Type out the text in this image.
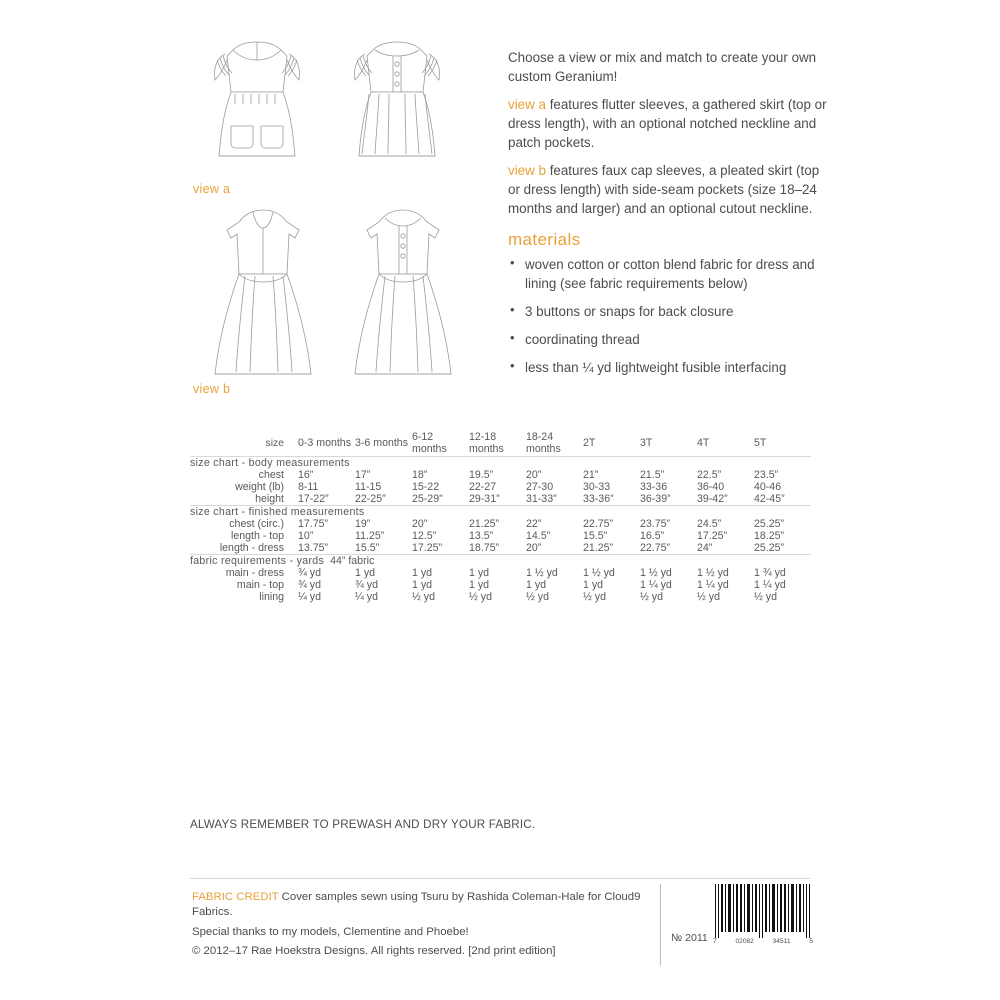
view a
view b

Choose a view or mix and match to create your own custom Geranium!

view a features flutter sleeves, a gathered skirt (top or dress length), with an optional notched neckline and patch pockets.

view b features faux cap sleeves, a pleated skirt (top or dress length) with side-seam pockets (size 18–24 months and larger) and an optional cutout neckline.

materials
• woven cotton or cotton blend fabric for dress and lining (see fabric requirements below)
• 3 buttons or snaps for back closure
• coordinating thread
• less than ¼ yd lightweight fusible interfacing
size	0-3 months	3-6 months	6-12 months	12-18 months	18-24 months	2T	3T	4T	5T
size chart - body measurements									
chest	16”	17”	18”	19.5”	20”	21”	21.5”	22.5”	23.5”
weight (lb)	8-11	11-15	15-22	22-27	27-30	30-33	33-36	36-40	40-46
height	17-22”	22-25”	25-29”	29-31”	31-33”	33-36”	36-39”	39-42”	42-45”
size chart - finished measurements									
chest (circ.)	17.75”	19”	20”	21.25”	22”	22.75”	23.75”	24.5”	25.25”
length - top	10”	11.25”	12.5”	13.5”	14.5”	15.5”	16.5”	17.25”	18.25”
length - dress	13.75”	15.5”	17.25”	18.75”	20”	21.25”	22.75”	24”	25.25”
fabric requirements - yards 44” fabric									
main - dress	¾ yd	1 yd	1 yd	1 yd	1 ½ yd	1 ½ yd	1 ½ yd	1 ½ yd	1 ¾ yd
main - top	¾ yd	¾ yd	1 yd	1 yd	1 yd	1 yd	1 ¼ yd	1 ¼ yd	1 ¼ yd
lining	¼ yd	¼ yd	½ yd	½ yd	½ yd	½ yd	½ yd	½ yd	½ yd
ALWAYS REMEMBER TO PREWASH AND DRY YOUR FABRIC.

FABRIC CREDIT Cover samples sewn using Tsuru by Rashida Coleman-Hale for Cloud9 Fabrics.

Special thanks to my models, Clementine and Phoebe!

© 2012–17 Rae Hoekstra Designs. All rights reserved. [2nd print edition]

№ 2011 7	02082	34511	5
